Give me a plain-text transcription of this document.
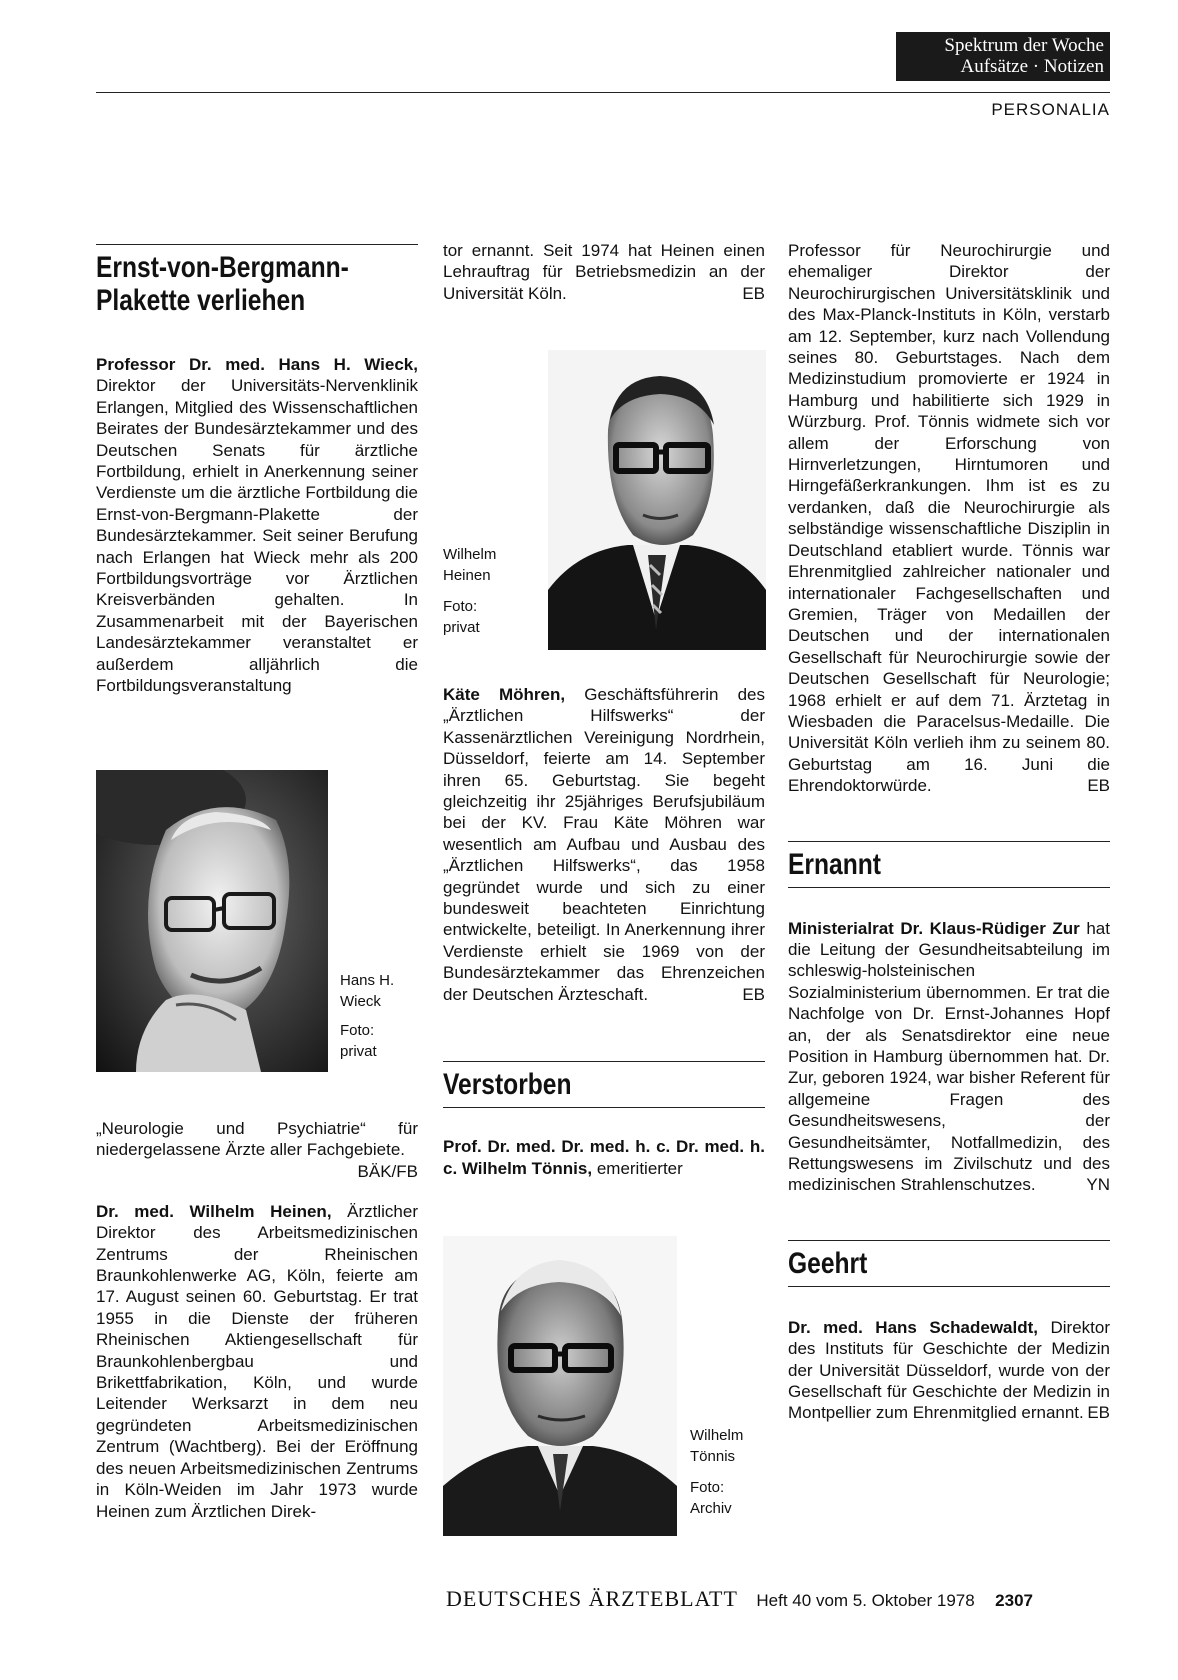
Spektrum der Woche
Aufsätze · Notizen
PERSONALIA
Ernst-von-Bergmann-
Plakette verliehen

Professor Dr. med. Hans H. Wieck, Direktor der Universitäts-Nervenklinik Erlangen, Mitglied des Wissenschaftlichen Beirates der Bundesärztekammer und des Deutschen Senats für ärztliche Fortbildung, erhielt in Anerkennung seiner Verdienste um die ärztliche Fortbildung die Ernst-von-Bergmann-Plakette der Bundesärztekammer. Seit seiner Berufung nach Erlangen hat Wieck mehr als 200 Fortbildungsvorträge vor Ärztlichen Kreisverbänden gehalten. In Zusammenarbeit mit der Bayerischen Landesärztekammer veranstaltet er außerdem alljährlich die Fortbildungsveranstaltung

Hans H. Wieck
Foto: privat

„Neurologie und Psychiatrie“ für niedergelassene Ärzte aller Fachgebiete.
BÄK/FB

Dr. med. Wilhelm Heinen, Ärztlicher Direktor des Arbeitsmedizinischen Zentrums der Rheinischen Braunkohlenwerke AG, Köln, feierte am 17. August seinen 60. Geburtstag. Er trat 1955 in die Dienste der früheren Rheinischen Aktiengesellschaft für Braunkohlenbergbau und Brikettfabrikation, Köln, und wurde Leitender Werksarzt in dem neu gegründeten Arbeitsmedizinischen Zentrum (Wachtberg). Bei der Eröffnung des neuen Arbeitsmedizinischen Zentrums in Köln-Weiden im Jahr 1973 wurde Heinen zum Ärztlichen Direk-

tor ernannt. Seit 1974 hat Heinen einen Lehrauftrag für Betriebsmedizin an der Universität Köln.	EB

Wilhelm Heinen
Foto: privat

Käte Möhren, Geschäftsführerin des „Ärztlichen Hilfswerks“ der Kassenärztlichen Vereinigung Nordrhein, Düsseldorf, feierte am 14. September ihren 65. Geburtstag. Sie begeht gleichzeitig ihr 25jähriges Berufsjubiläum bei der KV. Frau Käte Möhren war wesentlich am Aufbau und Ausbau des „Ärztlichen Hilfswerks“, das 1958 gegründet wurde und sich zu einer bundesweit beachteten Einrichtung entwickelte, beteiligt. In Anerkennung ihrer Verdienste erhielt sie 1969 von der Bundesärztekammer das Ehrenzeichen der Deutschen Ärzteschaft.	EB

Verstorben

Prof. Dr. med. Dr. med. h. c. Dr. med. h. c. Wilhelm Tönnis, emeritierter

Wilhelm Tönnis
Foto: Archiv

Professor für Neurochirurgie und ehemaliger Direktor der Neurochirurgischen Universitätsklinik und des Max-Planck-Instituts in Köln, verstarb am 12. September, kurz nach Vollendung seines 80. Geburtstages. Nach dem Medizinstudium promovierte er 1924 in Hamburg und habilitierte sich 1929 in Würzburg. Prof. Tönnis widmete sich vor allem der Erforschung von Hirnverletzungen, Hirntumoren und Hirngefäßerkrankungen. Ihm ist es zu verdanken, daß die Neurochirurgie als selbständige wissenschaftliche Disziplin in Deutschland etabliert wurde. Tönnis war Ehrenmitglied zahlreicher nationaler und internationaler Fachgesellschaften und Gremien, Träger von Medaillen der Deutschen und der internationalen Gesellschaft für Neurochirurgie sowie der Deutschen Gesellschaft für Neurologie; 1968 erhielt er auf dem 71. Ärztetag in Wiesbaden die Paracelsus-Medaille. Die Universität Köln verlieh ihm zu seinem 80. Geburtstag am 16. Juni die Ehrendoktorwürde.	EB

Ernannt

Ministerialrat Dr. Klaus-Rüdiger Zur hat die Leitung der Gesundheitsabteilung im schleswig-holsteinischen Sozialministerium übernommen. Er trat die Nachfolge von Dr. Ernst-Johannes Hopf an, der als Senatsdirektor eine neue Position in Hamburg übernommen hat. Dr. Zur, geboren 1924, war bisher Referent für allgemeine Fragen des Gesundheitswesens, der Gesundheitsämter, Notfallmedizin, des Rettungswesens im Zivilschutz und des medizinischen Strahlenschutzes.	YN

Geehrt

Dr. med. Hans Schadewaldt, Direktor des Instituts für Geschichte der Medizin der Universität Düsseldorf, wurde von der Gesellschaft für Geschichte der Medizin in Montpellier zum Ehrenmitglied ernannt. EB

DEUTSCHES ÄRZTEBLATT Heft 40 vom 5. Oktober 1978 2307
